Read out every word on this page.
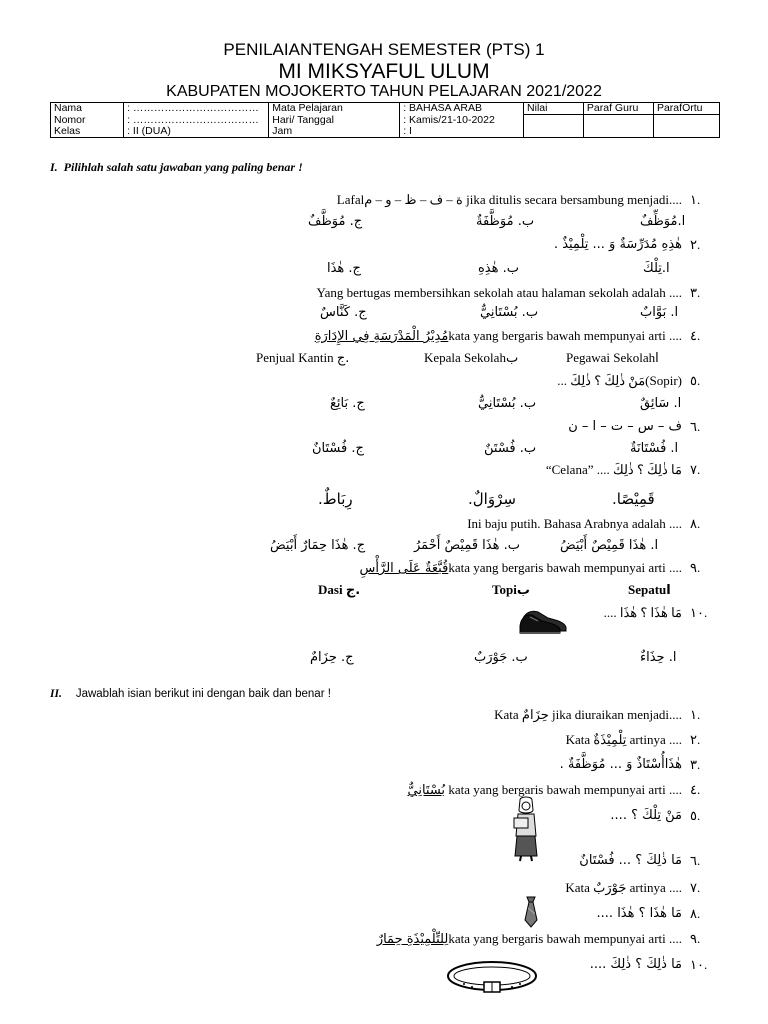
PENILAIANTENGAH SEMESTER (PTS) 1
MI MIKSYAFUL ULUM
KABUPATEN MOJOKERTO TAHUN PELAJARAN 2021/2022
Nama	: ………………………………	Mata Pelajaran	: BAHASA ARAB	Nilai	Paraf Guru	ParafOrtu
Nomor	: ………………………………	Hari/ Tanggal	: Kamis/21-10-2022			
Kelas	: II (DUA)	Jam	: I			
I. Pilihlah salah satu jawaban yang paling benar !
١.
Lafalة – ف – ظ – و – م jika ditulis secara bersambung menjadi....
ا.مُوَظِّفٌ
ب. مُوَظَّفَةٌ
ج. مُوَظَّفٌ
٢.
. هٰذِهِ مُدَرِّسَةٌ وَ ... تِلْمِيْذٌ
ا.تِلْكَ
ب. هٰذِهِ
ج. هٰذَا
٣.
Yang bertugas membersihkan sekolah atau halaman sekolah adalah ....
ا. بَوَّابٌ
ب. بُسْتَانِيٌّ
ج. كَنَّاسٌ
٤.
مُدِيْرُ الْمَدْرَسَةِ فِي الإِدَارَةِkata yang bergaris bawah mempunyai arti ....
Pegawai Sekolahا
Kepala Sekolahب
Penjual Kantin ج.
٥.
... مَنْ ذٰلِكَ ؟ ذٰلِكَ(Sopir)
ا. سَائِقٌ
ب. بُسْتَانِيٌّ
ج. بَائِعٌ
٦.
ف – س – ت – ا – ن
ا. فُسْتَانَةٌ
ب. فُسْتَنٌ
ج. فُسْتَانٌ
٧.
“Celana” .... مَا ذٰلِكَ ؟ ذٰلِكَ
.قَمِيْصًا
.سِرْوَالٌ
.رِبَاطٌ
٨.
Ini baju putih. Bahasa Arabnya adalah ....
ا. هٰذَا قَمِيْصٌ أَبْيَضُ
ب. هٰذَا قَمِيْصٌ أَحْمَرُ
ج. هٰذَا حِمَارٌ أَبْيَضُ
٩.
قُبَّعَةٌ عَلَى الرَّأْسِkata yang bergaris bawah mempunyai arti ....
Sepatuا
Topiب
Dasi ج.
١٠.
.... مَا هٰذَا ؟ هٰذَا
ا. حِذَاءٌ
ب. جَوْرَبٌ
ج. حِزَامٌ
II. Jawablah isian berikut ini dengan baik dan benar !
١.
Kata حِزَامٌ jika diuraikan menjadi....
٢.
Kata تِلْمِيْذَةٌ artinya ....
٣.
. هٰذَاأُسْتَاذٌ وَ ... مُوَظَّفَةٌ
٤.
بُسْتَانِيٌّ kata yang bergaris bawah mempunyai arti ....
٥.
.... مَنْ تِلْكَ ؟
٦.
مَا ذٰلِكَ ؟ ... فُسْتَانٌ
٧.
Kata جَوْرَبٌ artinya ....
٨.
.... مَا هٰذَا ؟ هٰذَا
٩.
لِلتِّلْمِيْذَةِ حِمَارٌkata yang bergaris bawah mempunyai arti ....
١٠.
.... مَا ذٰلِكَ ؟ ذٰلِكَ
